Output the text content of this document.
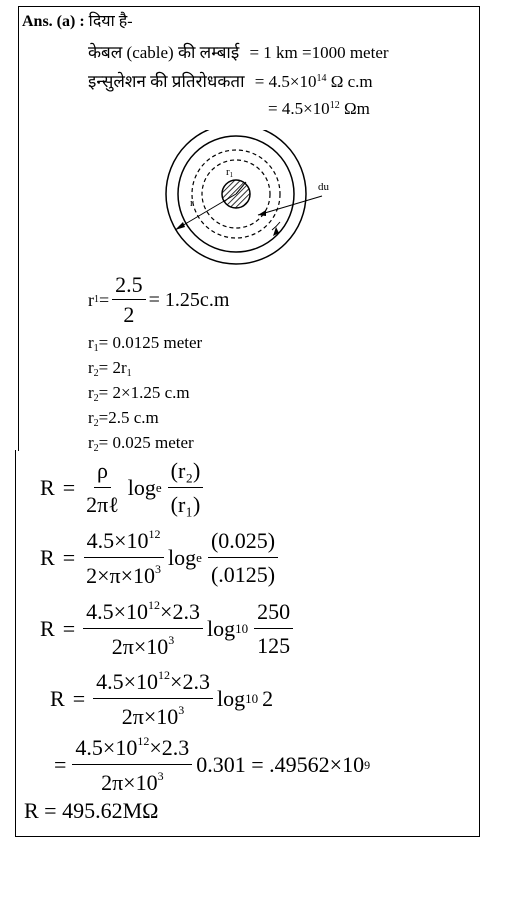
Ans. (a) : दिया है-
केबल (cable) की लम्बाई = 1 km =1000 meter
इन्सुलेशन की प्रतिरोधकता = $4.5\times 10^{14}$ Ω c.m
= $4.5\times 10^{12}$ Ωm
r1
r
du
r $1 = \frac{2.5}{2} = 1.25c.m$
$r_1= 0.0125$ meter
$r_2= 2r_1$
$r_2= 2\times 1.25$ c.m
$r_2=2.5$ c.m
$r_2= 0.025$ meter
$R = \frac{\rho}{\text{2πℓ}}$ log e $\frac{\text{(r₂)}}{\text{(r₁)}}$
$R = \frac{4.5\times 10^{12}}{2\times\pi\times 10^3}$ log e $\frac{(0.025)}{(.0125)}$
$R = \frac{4.5\times 10^{12}\times 2.3}{2\pi\times 10^3}$ $\log 10 \frac{250}{125}$
$R = \frac{4.5\times 10^{12}\times 2.3}{2\pi\times 10^3}$ log 10 2
= $\frac{4.5\times 10^{12}\times 2.3}{2\pi\times 10^3} 0.301 = .49562\times 10$ 9
R = 495.62MΩ
